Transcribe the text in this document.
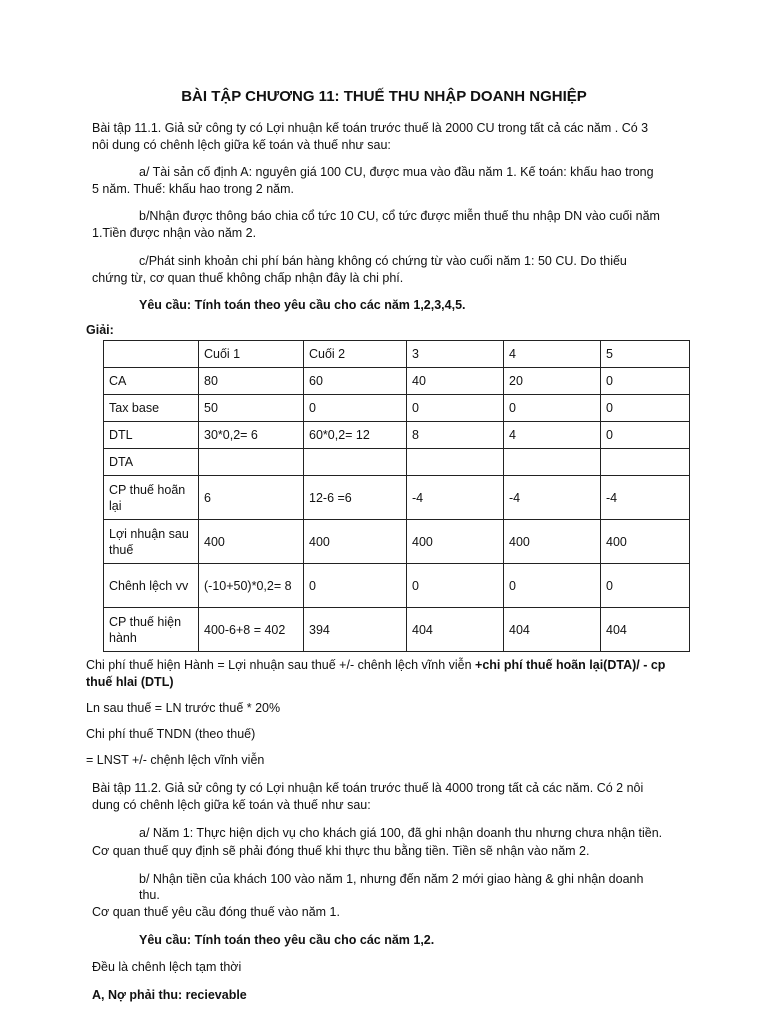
BÀI TẬP CHƯƠNG 11: THUẾ THU NHẬP DOANH NGHIỆP
Bài tập 11.1. Giả sử công ty có Lợi nhuận kế toán trước thuế là 2000 CU trong tất cả các năm . Có 3
nôi dung có chênh lệch giữa kế toán và thuế như sau:
a/ Tài sản cố định A: nguyên giá 100 CU, được mua vào đầu năm 1. Kế toán: khấu hao trong
5 năm. Thuế: khấu hao trong 2 năm.
b/Nhận được thông báo chia cổ tức 10 CU, cổ tức được miễn thuế thu nhập DN vào cuối năm
1.Tiền được nhận vào năm 2.
c/Phát sinh khoản chi phí bán hàng không có chứng từ vào cuối năm 1: 50 CU. Do thiếu
chứng từ, cơ quan thuế không chấp nhận đây là chi phí.
Yêu cầu: Tính toán theo yêu cầu cho các năm 1,2,3,4,5.
Giải:
	Cuối 1	Cuối 2	3	4	5
CA	80	60	40	20	0
Tax base	50	0	0	0	0
DTL	30*0,2= 6	60*0,2= 12	8	4	0
DTA					
CP thuế hoãn lại	6	12-6 =6	-4	-4	-4
Lợi nhuận sau thuế	400	400	400	400	400
Chênh lệch vv	(-10+50)*0,2= 8	0	0	0	0
CP thuế hiện hành	400-6+8 = 402	394	404	404	404
Chi phí thuế hiện Hành = Lợi nhuận sau thuế +/- chênh lệch vĩnh viễn +chi phí thuế hoãn lại(DTA)/ - cp
thuế hlai (DTL)
Ln sau thuế = LN trước thuế * 20%
Chi phí thuế TNDN (theo thuế)
= LNST +/- chệnh lệch vĩnh viễn
Bài tập 11.2. Giả sử công ty có Lợi nhuận kế toán trước thuế là 4000 trong tất cả các năm. Có 2 nôi
dung có chênh lệch giữa kế toán và thuế như sau:
a/ Năm 1: Thực hiện dịch vụ cho khách giá 100, đã ghi nhận doanh thu nhưng chưa nhận tiền.
Cơ quan thuế quy định sẽ phải đóng thuế khi thực thu bằng tiền. Tiền sẽ nhận vào năm 2.
b/ Nhận tiền của khách 100 vào năm 1, nhưng đến năm 2 mới giao hàng & ghi nhận doanh
thu.
Cơ quan thuế yêu cầu đóng thuế vào năm 1.
Yêu cầu: Tính toán theo yêu cầu cho các năm 1,2.
Đều là chênh lệch tạm thời
A, Nợ phải thu: recievable
